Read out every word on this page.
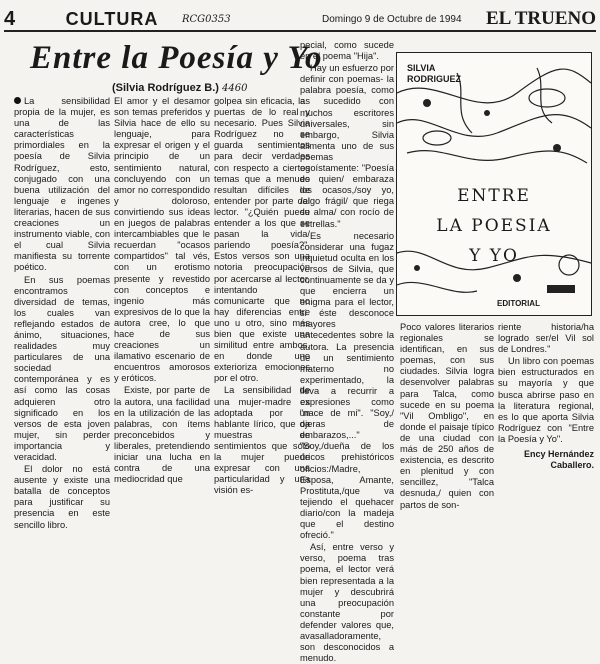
4	CULTURA	RCG0353	Domingo 9 de Octubre de 1994 EL TRUENO
Entre la Poesía y Yo
(Silvia Rodríguez B.) 4460

La sensibilidad propia de la mujer, es una de las características primordiales en la poesía de Silvia Rodríguez, esto, conjugado con una buena utilización del lenguaje e ingenes literarias, hacen de sus creaciones un instrumento viable, con el cual Silvia manifiesta su torrente poético.

En sus poemas encontramos diversidad de temas, los cuales van reflejando estados de ánimo, situaciones, realidades muy particulares de una sociedad contemporánea y es así como las cosas adquieren otro significado en los versos de esta joven mujer, sin perder importancia y veracidad.

El dolor no está ausente y existe una batalla de conceptos para justificar su presencia en este sencillo libro.

El amor y el desamor son temas preferidos y Silvia hace de ello su lenguaje, para expresar el origen y el principio de un sentimiento natural, concluyendo con un amor no correspondido y doloroso, convirtiendo sus ideas en juegos de palabras intercambiables que le recuerdan "ocasos compartidos" tal vés, con un erotismo presente y revestido con conceptos e ingenio más expresivos de lo que la autora cree, lo que hace de sus creaciones un ilamativo escenario de encuentros amorosos y eróticos.

Existe, por parte de la autora, una facilidad en la utilización de las palabras, con ítems preconcebidos y liberales, pretendiendo iniciar una lucha en contra de una mediocridad que

golpea sin eficacia, las puertas de lo real y necesario. Pues Silvia Rodríguez no se guarda sentimientos para decir verdades con respecto a ciertos temas que a menudo resultan difíciles de entender por parte del lector. "¿Quién puede entender a los que se pasan la vida/ pariendo poesía?". Estos versos son una notoria preocupación por acercarse al lector, intentando comunicarte que no hay diferencias entre uno u otro, sino más bien que existe una similitud entre ambos, en donde uno exterioriza emociones por el otro.

La sensibilidad de una mujer-madre es adoptada por un hablante lírico, que da muestras de sentimientos que sólo la mujer puede expresar con una particularidad y una visión es-

pecial, como sucede en el poema "Hija".

Hay un esfuerzo por definir con poemas- la palabra poesía, como a sucedido con muchos escritores universales, sin embargo, Silvia alimenta uno de sus poemas egoístamente: "Poesía es quien/ embaraza los ocasos,/soy yo, /algo frágil/ que riega su alma/ con rocío de estrellas."

Es necesario considerar una fugaz inquietud oculta en los versos de Silvia, que continuamente se da y que encierra un enigma para el lector, si éste desconoce mayores antecedentes sobre la autora. La presencia de un sentimiento materno no experimentado, la lleva a recurrir a expresiones como "nace de mi". "Soy,/ ojeras de embarazos,..." "Soy,/dueña de los úricos prehistóricos oficios:/Madre, Esposa, Amante, Prostituta,/que va tejiendo el quehacer diario/con la madeja que el destino ofreció."

Así, entre verso y verso, poema tras poema, el lector verá bien representada a la mujer y descubrirá una preocupación constante por defender valores que, avasalladoramente, son desconocidos a menudo.

SILVIA
RODRIGUEZ
ENTRE
LA POESIA
Y YO
EDITORIAL

Poco valores literarios regionales se identifican, en sus poemas, con sus ciudades. Silvia logra desenvolver palabras para Talca, como sucede en su poema "Vil Ombligo", en donde el paisaje típico de una ciudad con más de 250 años de existencia, es descrito en plenitud y con sencillez, "Talca desnuda,/ quien con partos de son-

riente historia/ha logrado ser/el Vil sol de Londres."

Un libro con poemas bien estructurados en su mayoría y que busca abrirse paso en la literatura regional, es lo que aporta Silvia Rodríguez con "Entre la Poesía y Yo".

Ency Hernández
Caballero.
